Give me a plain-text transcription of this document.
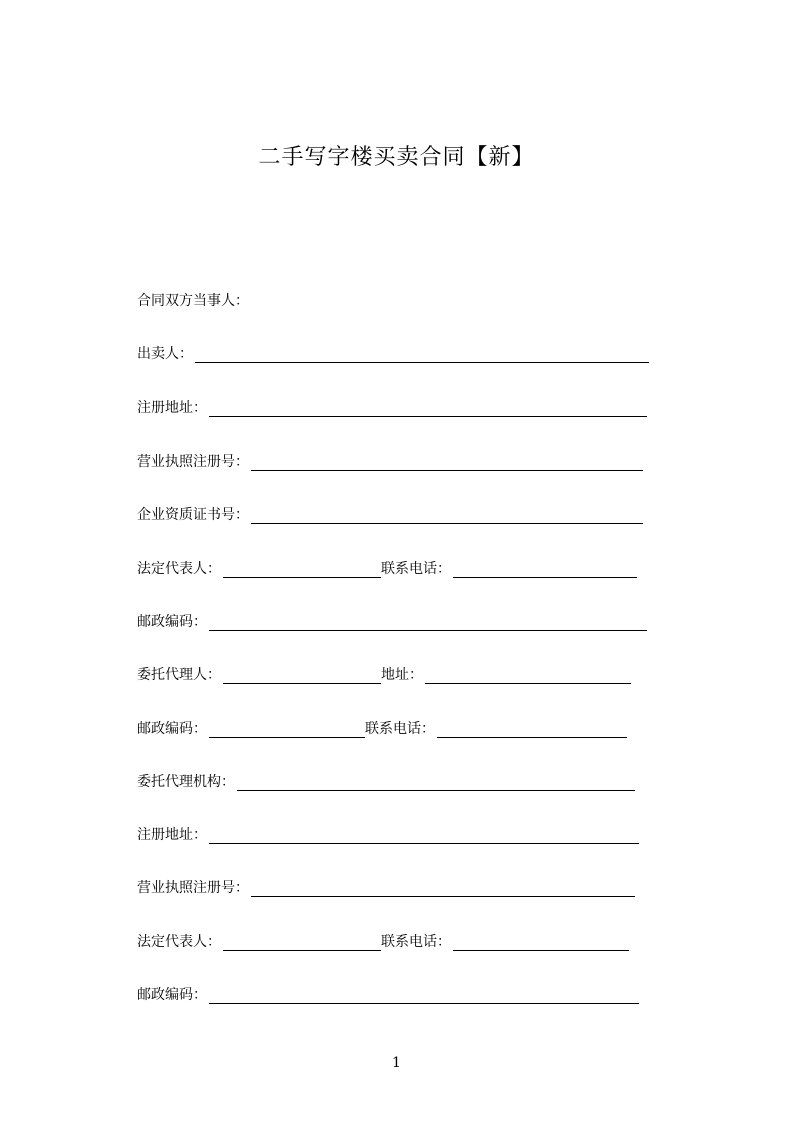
二手写字楼买卖合同【新】
合同双方当事人：
出卖人：
注册地址：
营业执照注册号：
企业资质证书号：
法定代表人：	联系电话：
邮政编码：
委托代理人：	地址：
邮政编码：	联系电话：
委托代理机构：
注册地址：
营业执照注册号：
法定代表人：	联系电话：
邮政编码：
1
